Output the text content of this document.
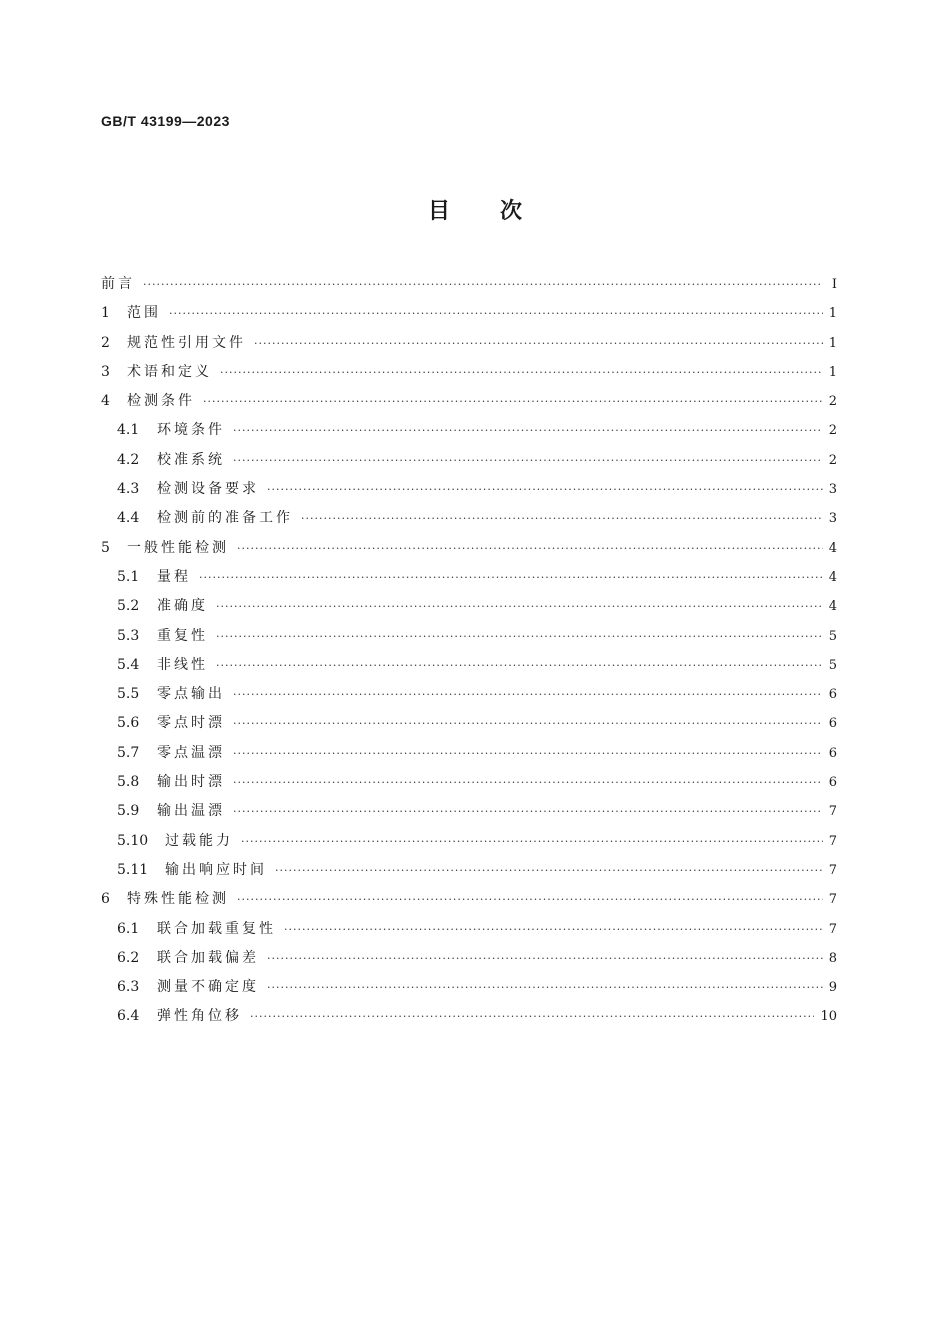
GB/T 43199—2023
目 次
前言 ·····	Ⅰ
1	范围 ·····	1
2	规范性引用文件 ·····	1
3	术语和定义 ·····	1
4	检测条件 ·····	2
4.1	环境条件 ·····	2
4.2	校准系统 ·····	2
4.3	检测设备要求 ·····	3
4.4	检测前的准备工作 ·····	3
5	一般性能检测 ·····	4
5.1	量程 ·····	4
5.2	准确度 ·····	4
5.3	重复性 ·····	5
5.4	非线性 ·····	5
5.5	零点输出 ·····	6
5.6	零点时漂 ·····	6
5.7	零点温漂 ·····	6
5.8	输出时漂 ·····	6
5.9	输出温漂 ·····	7
5.10	过载能力 ·····	7
5.11	输出响应时间 ·····	7
6	特殊性能检测 ·····	7
6.1	联合加载重复性 ·····	7
6.2	联合加载偏差 ·····	8
6.3	测量不确定度 ·····	9
6.4	弹性角位移 ·····	10
